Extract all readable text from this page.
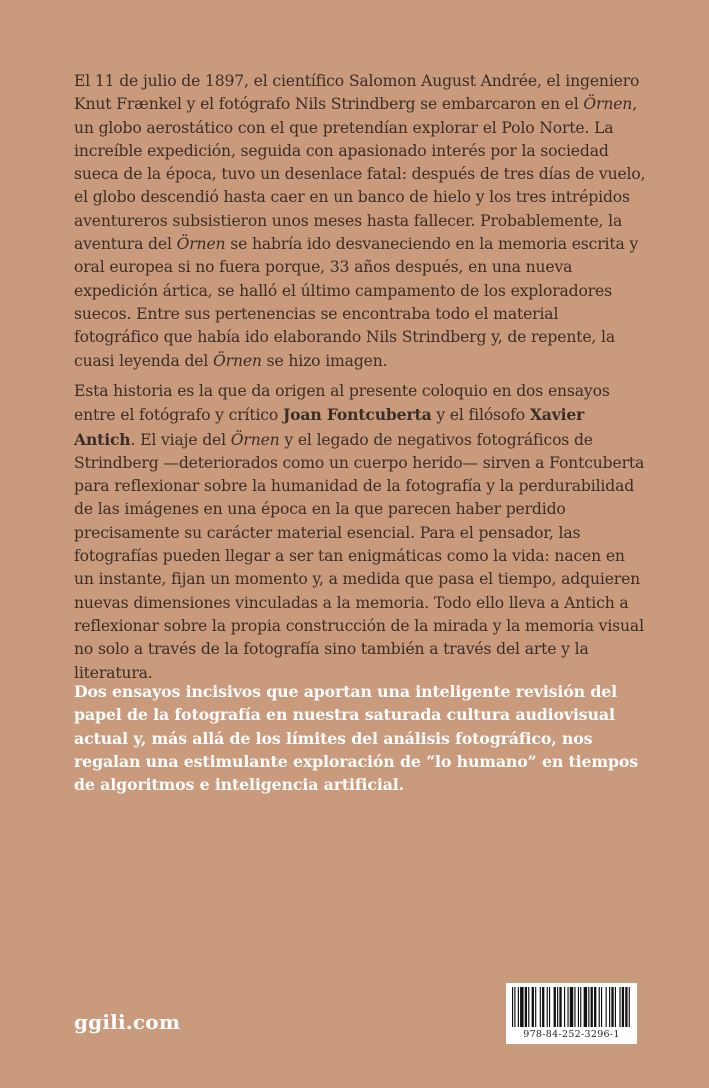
El 11 de julio de 1897, el científico Salomon August Andrée, el ingeniero Knut Frænkel y el fotógrafo Nils Strindberg se embarcaron en el Örnen, un globo aerostático con el que pretendían explorar el Polo Norte. La increíble expedición, seguida con apasionado interés por la sociedad sueca de la época, tuvo un desenlace fatal: después de tres días de vuelo, el globo descendió hasta caer en un banco de hielo y los tres intrépidos aventureros subsistieron unos meses hasta fallecer. Probablemente, la aventura del Örnen se habría ido desvaneciendo en la memoria escrita y oral europea si no fuera porque, 33 años después, en una nueva expedición ártica, se halló el último campamento de los exploradores suecos. Entre sus pertenencias se encontraba todo el material fotográfico que había ido elaborando Nils Strindberg y, de repente, la cuasi leyenda del Örnen se hizo imagen.

Esta historia es la que da origen al presente coloquio en dos ensayos entre el fotógrafo y crítico Joan Fontcuberta y el filósofo Xavier Antich. El viaje del Örnen y el legado de negativos fotográficos de Strindberg —deteriorados como un cuerpo herido— sirven a Fontcuberta para reflexionar sobre la humanidad de la fotografía y la perdurabilidad de las imágenes en una época en la que parecen haber perdido precisamente su carácter material esencial. Para el pensador, las fotografías pueden llegar a ser tan enigmáticas como la vida: nacen en un instante, fijan un momento y, a medida que pasa el tiempo, adquieren nuevas dimensiones vinculadas a la memoria. Todo ello lleva a Antich a reflexionar sobre la propia construcción de la mirada y la memoria visual no solo a través de la fotografía sino también a través del arte y la literatura.

Dos ensayos incisivos que aportan una inteligente revisión del papel de la fotografía en nuestra saturada cultura audiovisual actual y, más allá de los límites del análisis fotográfico, nos regalan una estimulante exploración de “lo humano” en tiempos de algoritmos e inteligencia artificial.

ggili.com
978-84-252-3296-1
